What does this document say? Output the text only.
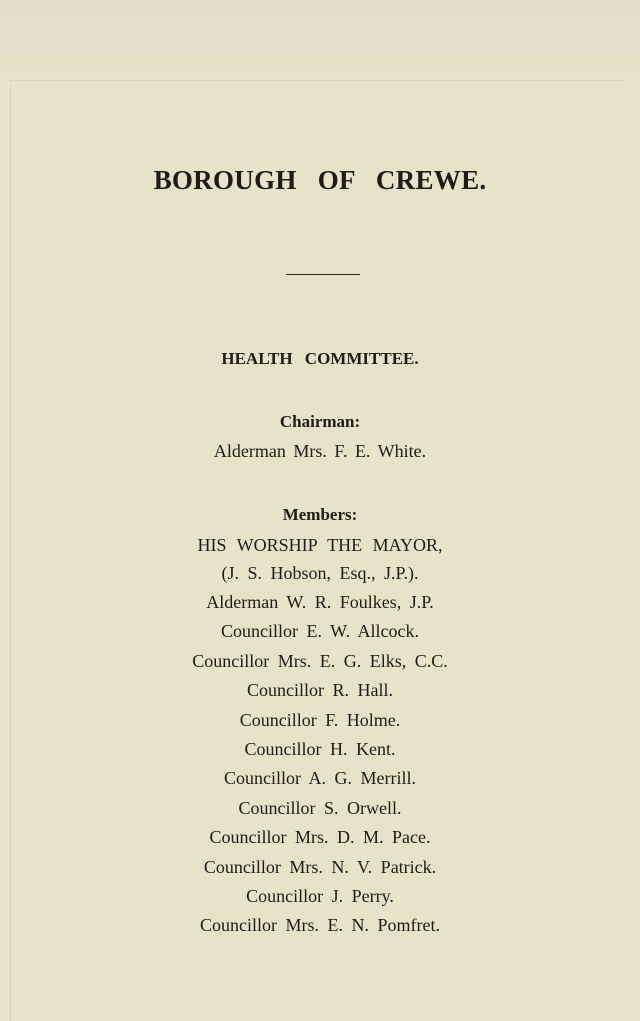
BOROUGH OF CREWE.
HEALTH COMMITTEE.
Chairman:
Alderman Mrs. F. E. White.
Members:
HIS WORSHIP THE MAYOR,
(J. S. Hobson, Esq., J.P.).
Alderman W. R. Foulkes, J.P.
Councillor E. W. Allcock.
Councillor Mrs. E. G. Elks, C.C.
Councillor R. Hall.
Councillor F. Holme.
Councillor H. Kent.
Councillor A. G. Merrill.
Councillor S. Orwell.
Councillor Mrs. D. M. Pace.
Councillor Mrs. N. V. Patrick.
Councillor J. Perry.
Councillor Mrs. E. N. Pomfret.
